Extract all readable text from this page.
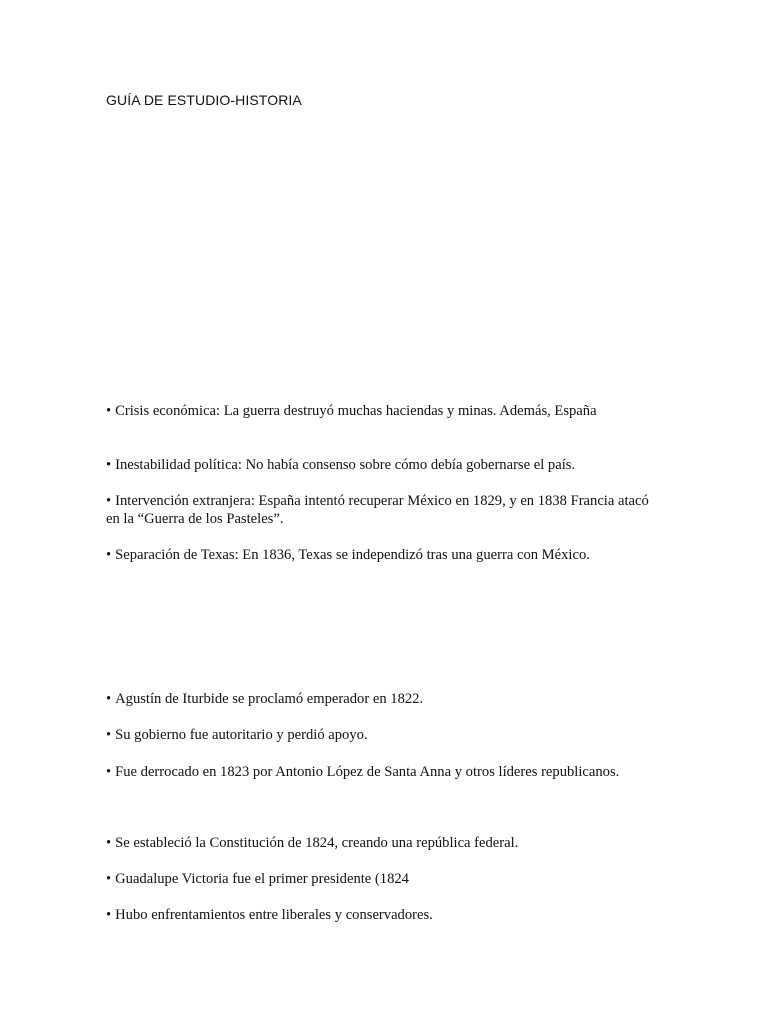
GUÍA DE ESTUDIO-HISTORIA

• Crisis económica: La guerra destruyó muchas haciendas y minas. Además, España

• Inestabilidad política: No había consenso sobre cómo debía gobernarse el país.

• Intervención extranjera: España intentó recuperar México en 1829, y en 1838 Francia atacó en la “Guerra de los Pasteles”.

• Separación de Texas: En 1836, Texas se independizó tras una guerra con México.

• Agustín de Iturbide se proclamó emperador en 1822.

• Su gobierno fue autoritario y perdió apoyo.

• Fue derrocado en 1823 por Antonio López de Santa Anna y otros líderes republicanos.

• Se estableció la Constitución de 1824, creando una república federal.

• Guadalupe Victoria fue el primer presidente (1824

• Hubo enfrentamientos entre liberales y conservadores.
